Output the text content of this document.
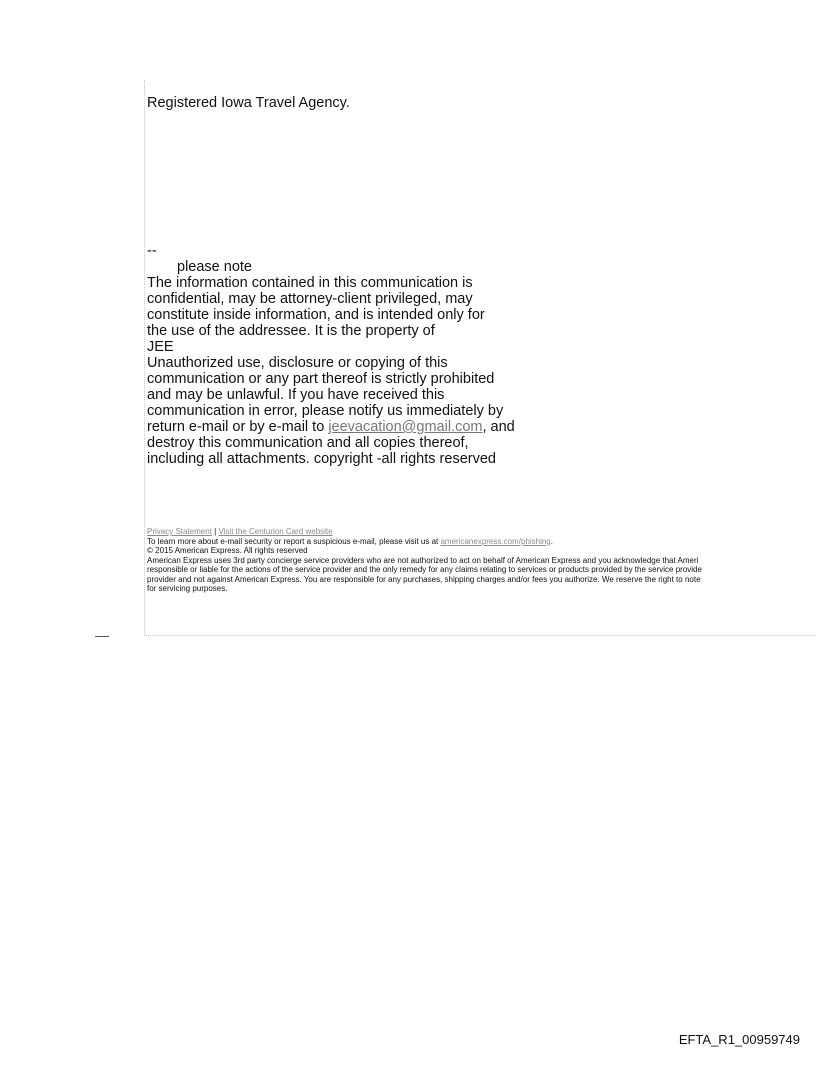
Registered Iowa Travel Agency.
--
please note
The information contained in this communication is
confidential, may be attorney-client privileged, may
constitute inside information, and is intended only for
the use of the addressee. It is the property of
JEE
Unauthorized use, disclosure or copying of this
communication or any part thereof is strictly prohibited
and may be unlawful. If you have received this
communication in error, please notify us immediately by
return e-mail or by e-mail to jeevacation@gmail.com, and
destroy this communication and all copies thereof,
including all attachments. copyright -all rights reserved
Privacy Statement | Visit the Centurion Card website
To learn more about e-mail security or report a suspicious e-mail, please visit us at americanexpress.com/phishing.
© 2015 American Express. All rights reserved
American Express uses 3rd party concierge service providers who are not authorized to act on behalf of American Express and you acknowledge that Ameri
responsible or liable for the actions of the service provider and the only remedy for any claims relating to services or products provided by the service provide
provider and not against American Express. You are responsible for any purchases, shipping charges and/or fees you authorize. We reserve the right to note
for servicing purposes.
EFTA_R1_00959749
